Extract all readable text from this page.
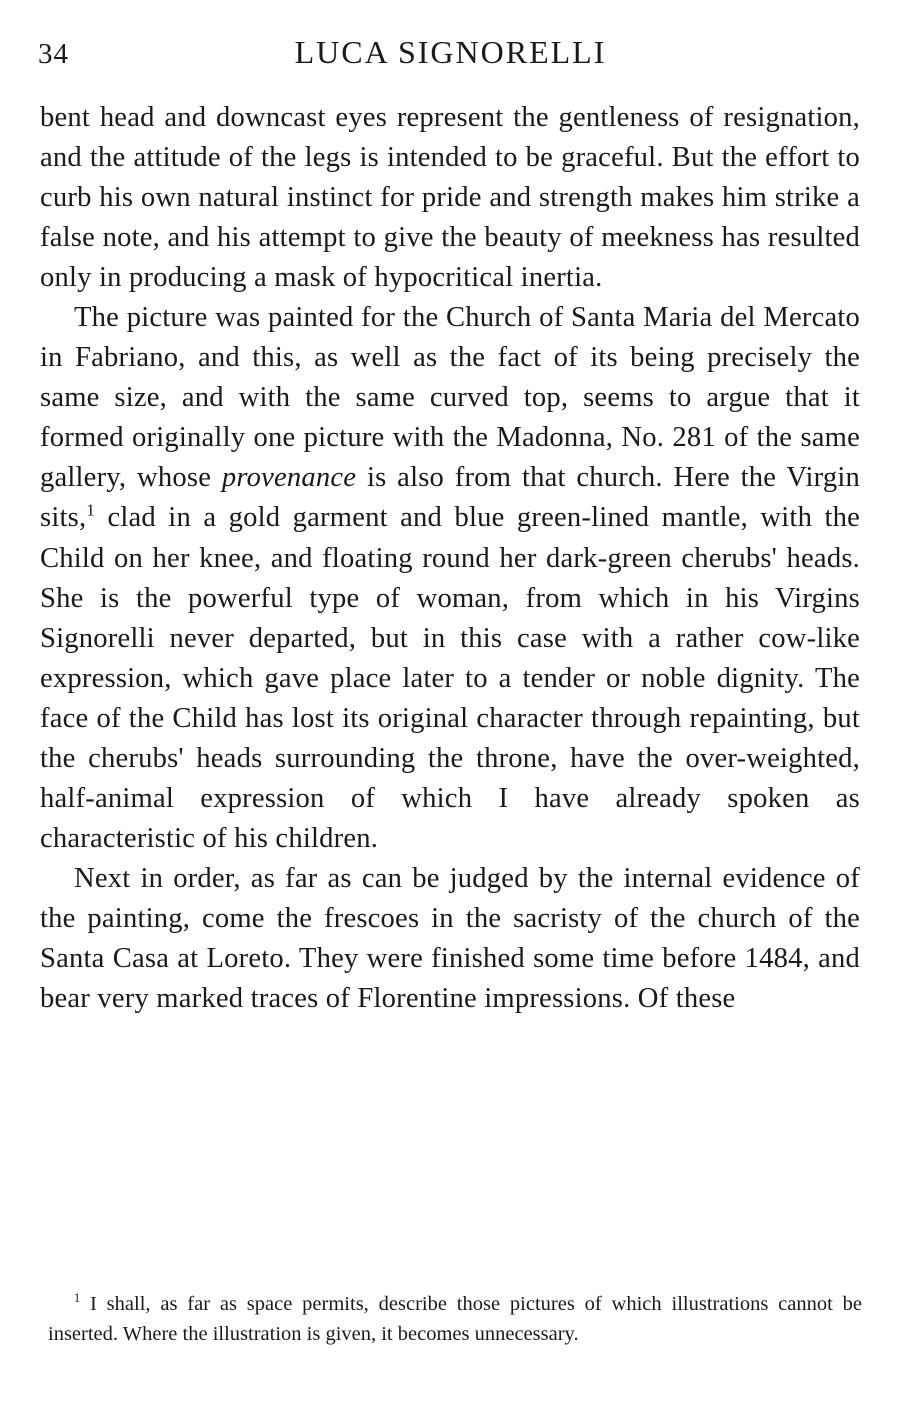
34	LUCA SIGNORELLI

bent head and downcast eyes represent the gentleness of resignation, and the attitude of the legs is intended to be graceful. But the effort to curb his own natural instinct for pride and strength makes him strike a false note, and his attempt to give the beauty of meekness has resulted only in producing a mask of hypocritical inertia.

The picture was painted for the Church of Santa Maria del Mercato in Fabriano, and this, as well as the fact of its being precisely the same size, and with the same curved top, seems to argue that it formed originally one picture with the Madonna, No. 281 of the same gallery, whose provenance is also from that church. Here the Virgin sits,$^1$ clad in a gold garment and blue green-lined mantle, with the Child on her knee, and floating round her dark-green cherubs' heads. She is the powerful type of woman, from which in his Virgins Signorelli never departed, but in this case with a rather cow-like expression, which gave place later to a tender or noble dignity. The face of the Child has lost its original character through repainting, but the cherubs' heads surrounding the throne, have the over-weighted, half-animal expression of which I have already spoken as characteristic of his children.

Next in order, as far as can be judged by the internal evidence of the painting, come the frescoes in the sacristy of the church of the Santa Casa at Loreto. They were finished some time before 1484, and bear very marked traces of Florentine impressions. Of these

$^1$ I shall, as far as space permits, describe those pictures of which illustrations cannot be inserted. Where the illustration is given, it becomes unnecessary.
